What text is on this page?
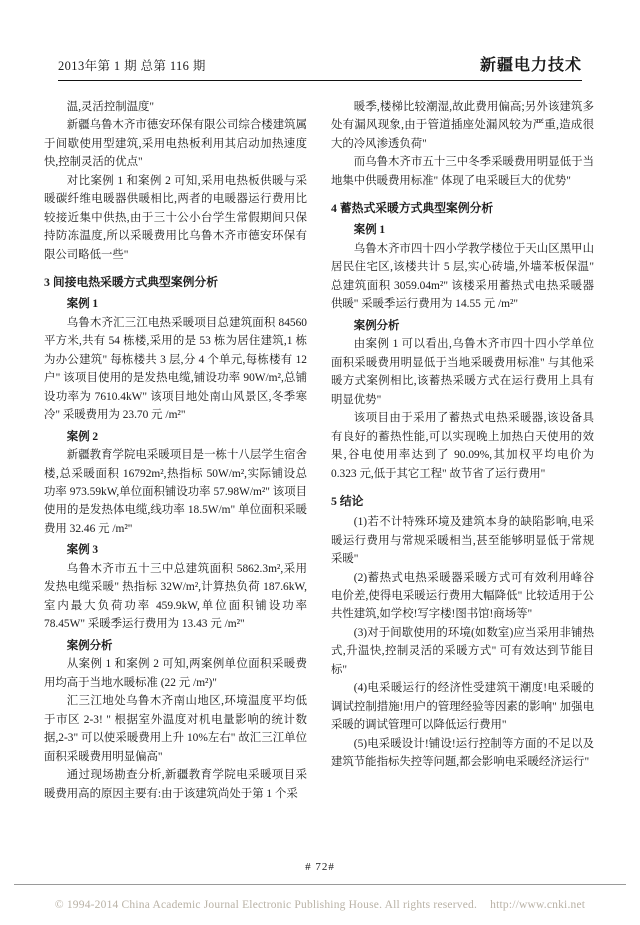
2013年第 1 期 总第 116 期	新疆电力技术

温,灵活控制温度"

新疆乌鲁木齐市德安环保有限公司综合楼建筑属于间歇使用型建筑,采用电热板利用其启动加热速度快,控制灵活的优点"

对比案例 1 和案例 2 可知,采用电热板供暖与采暖碳纤维电暖器供暖相比,两者的电暖器运行费用比较接近集中供热,由于三十公小台学生常假期间只保持防冻温度,所以采暖费用比乌鲁木齐市德安环保有限公司略低一些"

3 间接电热采暖方式典型案例分析

案例 1

乌鲁木齐汇三江电热采暖项目总建筑面积 84560 平方米,共有 54 栋楼,采用的是 53 栋为居住建筑,1 栋为办公建筑" 每栋楼共 3 层,分 4 个单元,每栋楼有 12 户" 该项目使用的是发热电缆,铺设功率 90W/m²,总铺设功率为 7610.4kW" 该项目地处南山风景区,冬季寒冷" 采暖费用为 23.70 元 /m²"

案例 2

新疆教育学院电采暖项目是一栋十八层学生宿舍楼,总采暖面积 16792m²,热指标 50W/m²,实际铺设总功率 973.59kW,单位面积铺设功率 57.98W/m²" 该项目使用的是发热体电缆,线功率 18.5W/m" 单位面积采暖费用 32.46 元 /m²"

案例 3

乌鲁木齐市五十三中总建筑面积 5862.3m²,采用发热电缆采暖" 热指标 32W/m²,计算热负荷 187.6kW,室内最大负荷功率 459.9kW,单位面积铺设功率 78.45W" 采暖季运行费用为 13.43 元 /m²"

案例分析

从案例 1 和案例 2 可知,两案例单位面积采暖费用均高于当地水暖标准 (22 元 /m²)"

汇三江地处乌鲁木齐南山地区,环境温度平均低于市区 2-3! " 根据室外温度对机电量影响的统计数据,2-3" 可以使采暖费用上升 10%左右" 故汇三江单位面积采暖费用明显偏高"

通过现场勘查分析,新疆教育学院电采暖项目采暖费用高的原因主要有:由于该建筑尚处于第 1 个采

暖季,楼梯比较潮湿,故此费用偏高;另外该建筑多处有漏风现象,由于管道插座处漏风较为严重,造成很大的冷风渗透负荷"

而乌鲁木齐市五十三中冬季采暖费用明显低于当地集中供暖费用标准" 体现了电采暖巨大的优势"

4 蓄热式采暖方式典型案例分析

案例 1

乌鲁木齐市四十四小学教学楼位于天山区黑甲山居民住宅区,该楼共计 5 层,实心砖墙,外墙苯板保温" 总建筑面积 3059.04m²" 该楼采用蓄热式电热采暖器供暖" 采暖季运行费用为 14.55 元 /m²"

案例分析

由案例 1 可以看出,乌鲁木齐市四十四小学单位面积采暖费用明显低于当地采暖费用标准" 与其他采暖方式案例相比,该蓄热采暖方式在运行费用上具有明显优势"

该项目由于采用了蓄热式电热采暖器,该设备具有良好的蓄热性能,可以实现晚上加热白天使用的效果,谷电使用率达到了 90.09%,其加权平均电价为 0.323 元,低于其它工程" 故节省了运行费用"

5 结论

(1)若不计特殊环境及建筑本身的缺陷影响,电采暖运行费用与常规采暖相当,甚至能够明显低于常规采暖"

(2)蓄热式电热采暖器采暖方式可有效利用峰谷电价差,使得电采暖运行费用大幅降低" 比较适用于公共性建筑,如学校!写字楼!图书馆!商场等"

(3)对于间歇使用的环境(如数室)应当采用非铺热式,升温快,控制灵活的采暖方式" 可有效达到节能目标"

(4)电采暖运行的经济性受建筑干潮度!电采暖的调试控制措施!用户的管理经验等因素的影响" 加强电采暖的调试管理可以降低运行费用"

(5)电采暖设计!铺设!运行控制等方面的不足以及建筑节能指标失控等问题,都会影响电采暖经济运行"

# 72#
© 1994-2014 China Academic Journal Electronic Publishing House. All rights reserved. http://www.cnki.net
